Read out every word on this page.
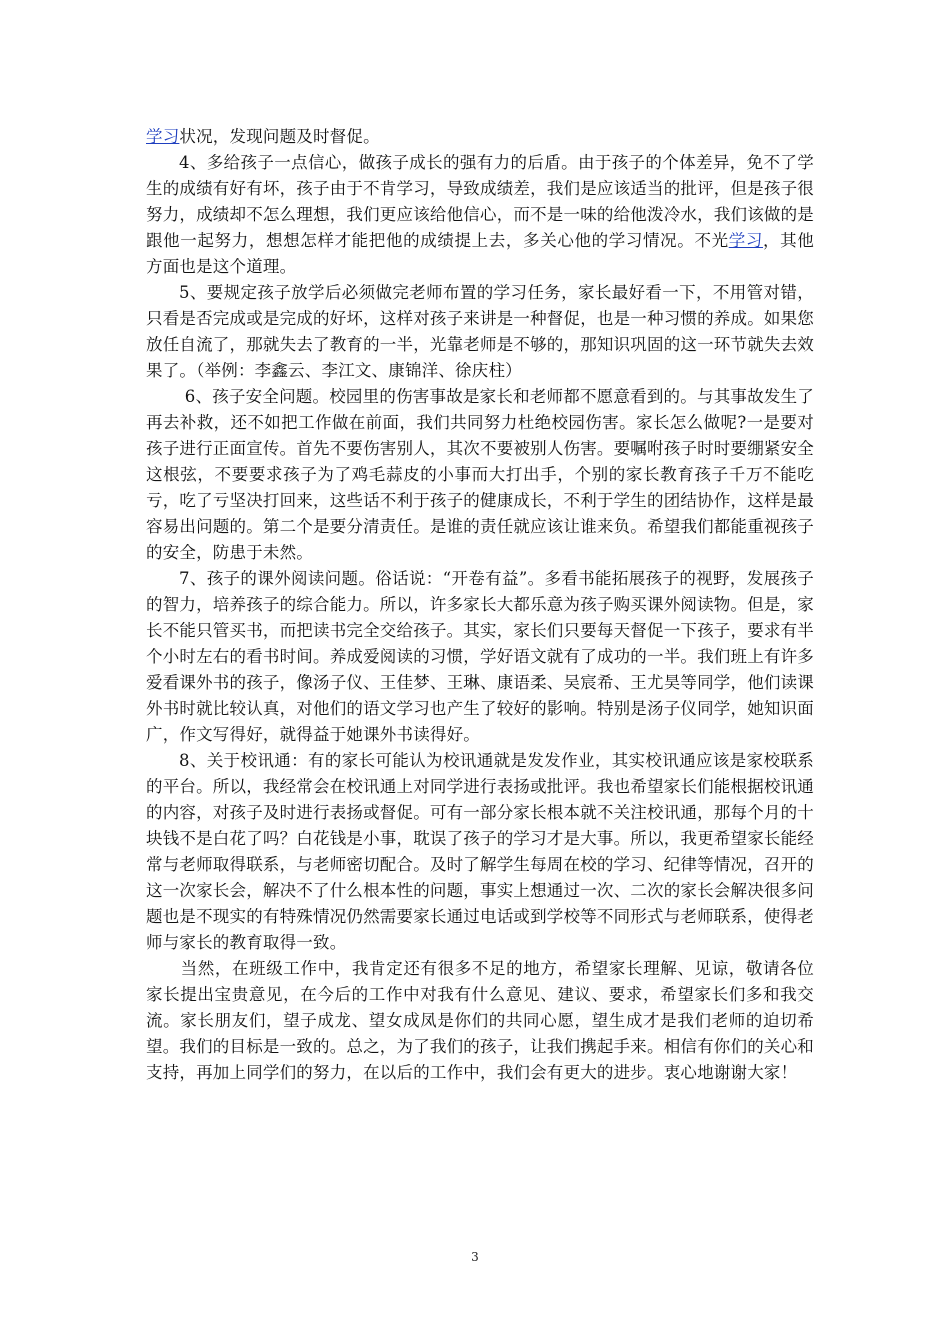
学习状况，发现问题及时督促。

4、多给孩子一点信心，做孩子成长的强有力的后盾。由于孩子的个体差异，免不了学生的成绩有好有坏，孩子由于不肯学习，导致成绩差，我们是应该适当的批评，但是孩子很努力，成绩却不怎么理想，我们更应该给他信心，而不是一味的给他泼冷水，我们该做的是跟他一起努力，想想怎样才能把他的成绩提上去，多关心他的学习情况。不光学习，其他方面也是这个道理。

5、要规定孩子放学后必须做完老师布置的学习任务，家长最好看一下，不用管对错，只看是否完成或是完成的好坏，这样对孩子来讲是一种督促，也是一种习惯的养成。如果您放任自流了，那就失去了教育的一半，光靠老师是不够的，那知识巩固的这一环节就失去效果了。（举例：李鑫云、李江文、康锦洋、徐庆柱）

6、孩子安全问题。校园里的伤害事故是家长和老师都不愿意看到的。与其事故发生了再去补救，还不如把工作做在前面，我们共同努力杜绝校园伤害。家长怎么做呢?一是要对孩子进行正面宣传。首先不要伤害别人，其次不要被别人伤害。要嘱咐孩子时时要绷紧安全这根弦，不要要求孩子为了鸡毛蒜皮的小事而大打出手，个别的家长教育孩子千万不能吃亏，吃了亏坚决打回来，这些话不利于孩子的健康成长，不利于学生的团结协作，这样是最容易出问题的。第二个是要分清责任。是谁的责任就应该让谁来负。希望我们都能重视孩子的安全，防患于未然。

7、孩子的课外阅读问题。俗话说：“开卷有益”。多看书能拓展孩子的视野，发展孩子的智力，培养孩子的综合能力。所以，许多家长大都乐意为孩子购买课外阅读物。但是，家长不能只管买书，而把读书完全交给孩子。其实，家长们只要每天督促一下孩子，要求有半个小时左右的看书时间。养成爱阅读的习惯，学好语文就有了成功的一半。我们班上有许多爱看课外书的孩子，像汤子仪、王佳梦、王琳、康语柔、吴宸希、王尤昊等同学，他们读课外书时就比较认真，对他们的语文学习也产生了较好的影响。特别是汤子仪同学，她知识面广，作文写得好，就得益于她课外书读得好。

8、关于校讯通：有的家长可能认为校讯通就是发发作业，其实校讯通应该是家校联系的平台。所以，我经常会在校讯通上对同学进行表扬或批评。我也希望家长们能根据校讯通的内容，对孩子及时进行表扬或督促。可有一部分家长根本就不关注校讯通，那每个月的十块钱不是白花了吗？白花钱是小事，耽误了孩子的学习才是大事。所以，我更希望家长能经常与老师取得联系，与老师密切配合。及时了解学生每周在校的学习、纪律等情况，召开的这一次家长会，解决不了什么根本性的问题，事实上想通过一次、二次的家长会解决很多问题也是不现实的有特殊情况仍然需要家长通过电话或到学校等不同形式与老师联系，使得老师与家长的教育取得一致。

当然，在班级工作中，我肯定还有很多不足的地方，希望家长理解、见谅，敬请各位家长提出宝贵意见，在今后的工作中对我有什么意见、建议、要求，希望家长们多和我交流。家长朋友们，望子成龙、望女成凤是你们的共同心愿，望生成才是我们老师的迫切希望。我们的目标是一致的。总之，为了我们的孩子，让我们携起手来。相信有你们的关心和支持，再加上同学们的努力，在以后的工作中，我们会有更大的进步。衷心地谢谢大家！

3
